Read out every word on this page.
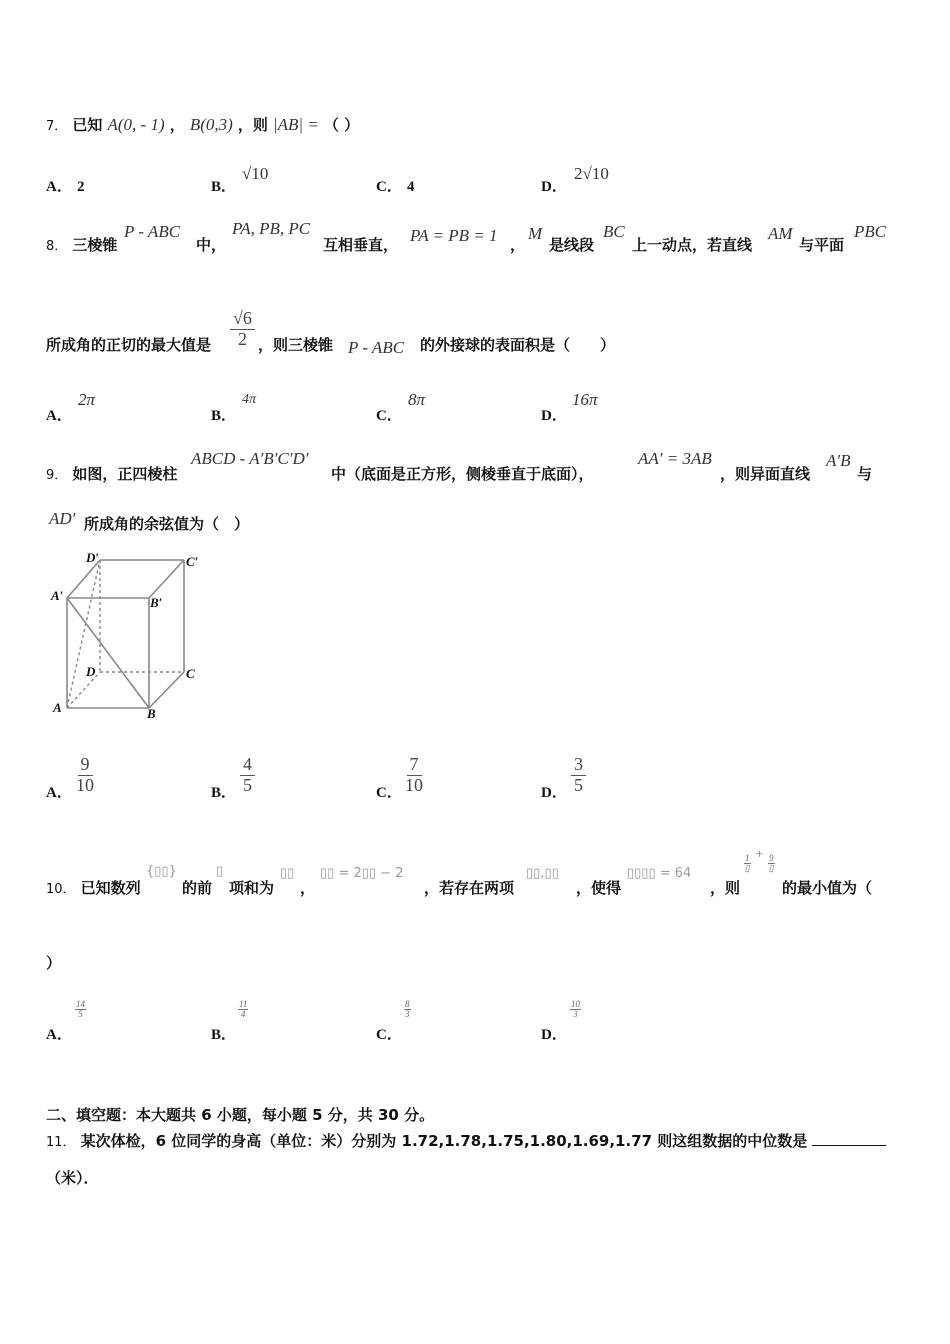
7． 已知 A(0, - 1) ， B(0,3) ，则 |AB| = （ ）
A． 2	B．
√10
C． 4	D．
2√10
8． 三棱锥
P - ABC
中，
PA, PB, PC
互相垂直， PA = PB = 1 ，
M
是线段
BC
上一动点，若直线
AM
与平面
PBC
所成角的正切的最大值是 $\frac{√6}{2}$ ，则三棱锥 P - ABC 的外接球的表面积是（　　）
A．
2π
B．
4π
C．
8π
D．
16π
9． 如图，正四棱柱
ABCD - A′B′C′D′
中（底面是正方形，侧棱垂直于底面），
AA′ = 3AB
，则异面直线
A′B
与
AD′ 所成角的余弦值为（　）
D′	C′
A′	B′
D	C
A	B
A． $\frac{9}{10}$	B． $\frac{4}{5}$	C． $\frac{7}{10}$	D． $\frac{3}{5}$
10． 已知数列
{▯▯}
的前
▯
项和为
▯▯
，
▯▯ = 2▯▯ − 2
，若存在两项
▯▯,▯▯
，使得
▯▯▯▯ = 64
，则
1
▯
+ 9
▯
的最小值为（
）
A．
$\frac{14}{5}$
B．
$\frac{11}{4}$
C．
$\frac{8}{3}$
D．
$\frac{10}{3}$
二、填空题：本大题共 6 小题，每小题 5 分，共 30 分。
11． 某次体检，6 位同学的身高（单位：米）分别为 1.72,1.78,1.75,1.80,1.69,1.77 则这组数据的中位数是
（米）．
